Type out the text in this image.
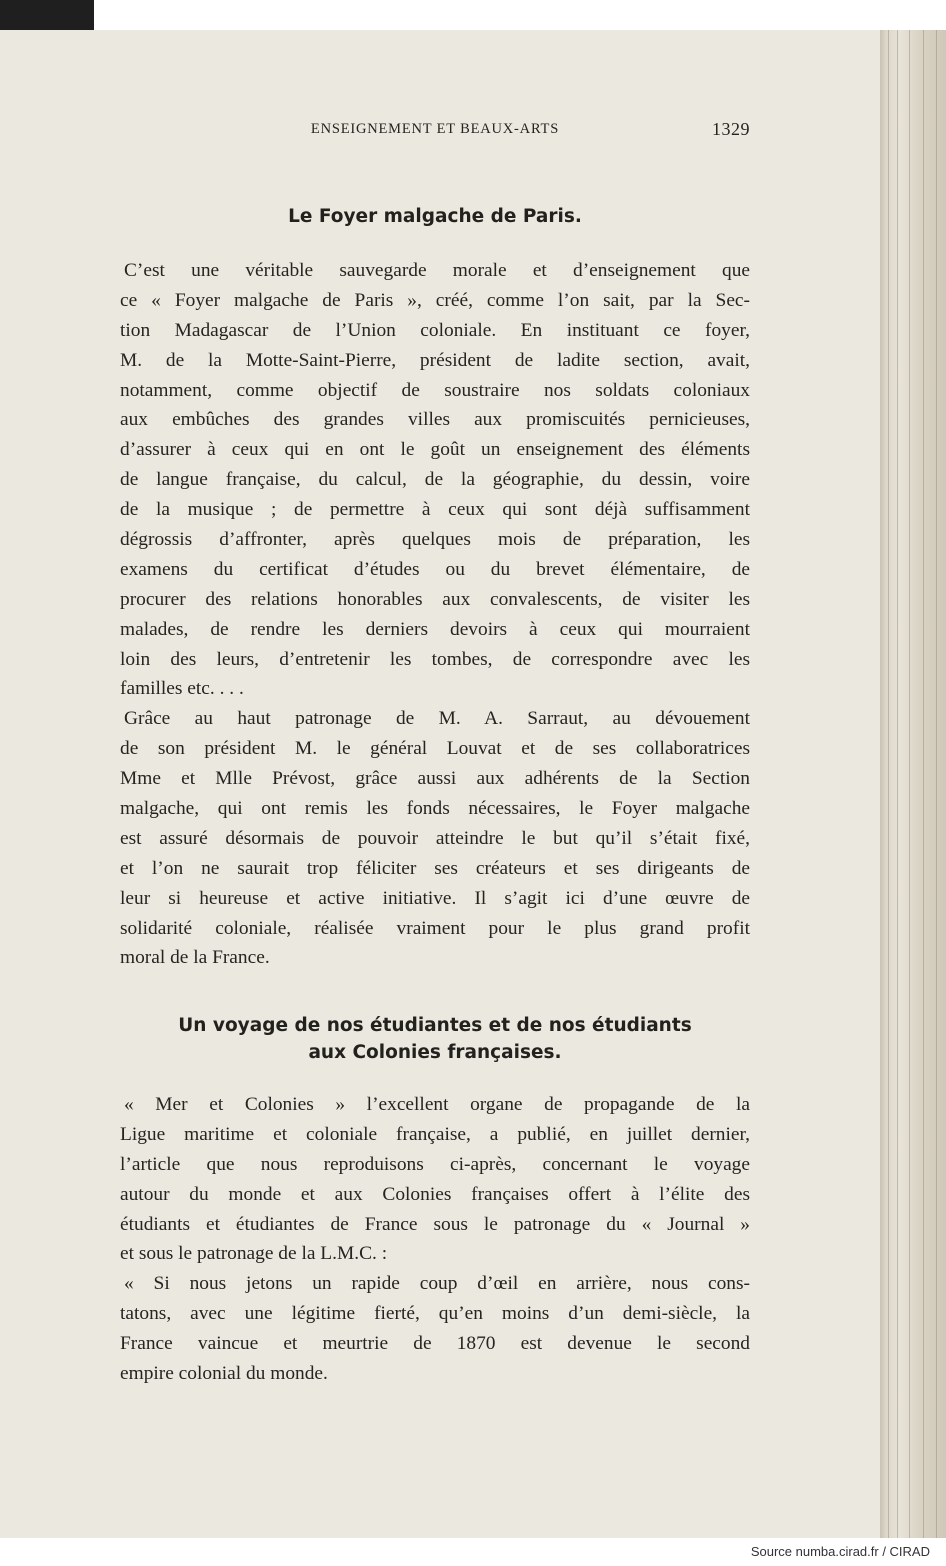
ENSEIGNEMENT ET BEAUX-ARTS	1329
Le Foyer malgache de Paris.
C’est une véritable sauvegarde morale et d’enseignement que
ce « Foyer malgache de Paris », créé, comme l’on sait, par la Sec-
tion Madagascar de l’Union coloniale. En instituant ce foyer,
M. de la Motte-Saint-Pierre, président de ladite section, avait,
notamment, comme objectif de soustraire nos soldats coloniaux
aux embûches des grandes villes aux promiscuités pernicieuses,
d’assurer à ceux qui en ont le goût un enseignement des éléments
de langue française, du calcul, de la géographie, du dessin, voire
de la musique ; de permettre à ceux qui sont déjà suffisamment
dégrossis d’affronter, après quelques mois de préparation, les
examens du certificat d’études ou du brevet élémentaire, de
procurer des relations honorables aux convalescents, de visiter les
malades, de rendre les derniers devoirs à ceux qui mourraient
loin des leurs, d’entretenir les tombes, de correspondre avec les
familles etc. . . .
Grâce au haut patronage de M. A. Sarraut, au dévouement
de son président M. le général Louvat et de ses collaboratrices
Mme et Mlle Prévost, grâce aussi aux adhérents de la Section
malgache, qui ont remis les fonds nécessaires, le Foyer malgache
est assuré désormais de pouvoir atteindre le but qu’il s’était fixé,
et l’on ne saurait trop féliciter ses créateurs et ses dirigeants de
leur si heureuse et active initiative. Il s’agit ici d’une œuvre de
solidarité coloniale, réalisée vraiment pour le plus grand profit
moral de la France.
Un voyage de nos étudiantes et de nos étudiants
aux Colonies françaises.
« Mer et Colonies » l’excellent organe de propagande de la
Ligue maritime et coloniale française, a publié, en juillet dernier,
l’article que nous reproduisons ci-après, concernant le voyage
autour du monde et aux Colonies françaises offert à l’élite des
étudiants et étudiantes de France sous le patronage du « Journal »
et sous le patronage de la L.M.C. :
« Si nous jetons un rapide coup d’œil en arrière, nous cons-
tatons, avec une légitime fierté, qu’en moins d’un demi-siècle, la
France vaincue et meurtrie de 1870 est devenue le second
empire colonial du monde.
Source numba.cirad.fr / CIRAD
